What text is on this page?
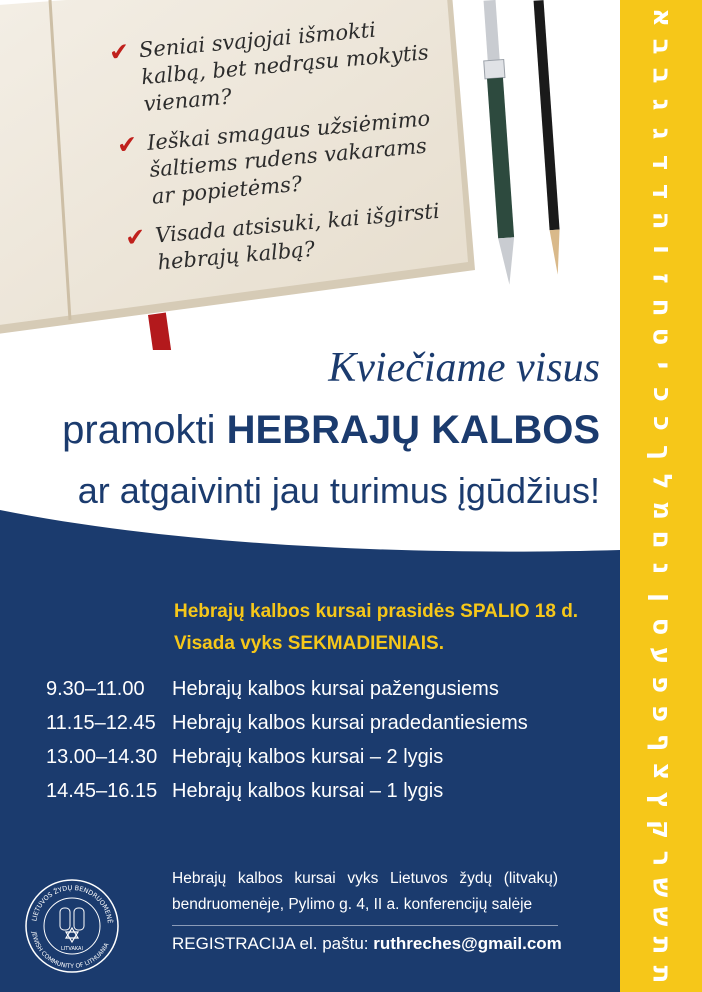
✔ Seniai svajojai išmokti
kalbą, bet nedrąsu mokytis
vienam?
✔ Ieškai smagaus užsiėmimo
šaltiems rudens vakarams
ar popietėms?
✔ Visada atsisuki, kai išgirsti
hebrajų kalbą?
Kviečiame visus
pramokti HEBRAJŲ KALBOS
ar atgaivinti jau turimus įgūdžius!
Hebrajų kalbos kursai prasidės SPALIO 18 d.
Visada vyks SEKMADIENIAIS.
9.30–11.00	Hebrajų kalbos kursai pažengusiems
11.15–12.45 Hebrajų kalbos kursai pradedantiesiems
13.00–14.30 Hebrajų kalbos kursai – 2 lygis
14.45–16.15 Hebrajų kalbos kursai – 1 lygis
LIETUVOS ŽYDŲ BENDRUOMENĖ
JEWISH COMMUNITY OF LITHUANIA
LITVAKAI
Hebrajų kalbos kursai vyks Lietuvos žydų (litvakų) bendruomenėje, Pylimo g. 4, II a. konferencijų salėje
REGISTRACIJA el. paštu: ruthreches@gmail.com
א
ב
ב
ג
ג
ד
ד
ה
ו
ז
ח
ט
י
כ
כ
ך
ל
מ
ם
נ
ן
ס
ע
פ
פ
ף
צ
ץ
ק
ר
ש
ש
ת
ת
